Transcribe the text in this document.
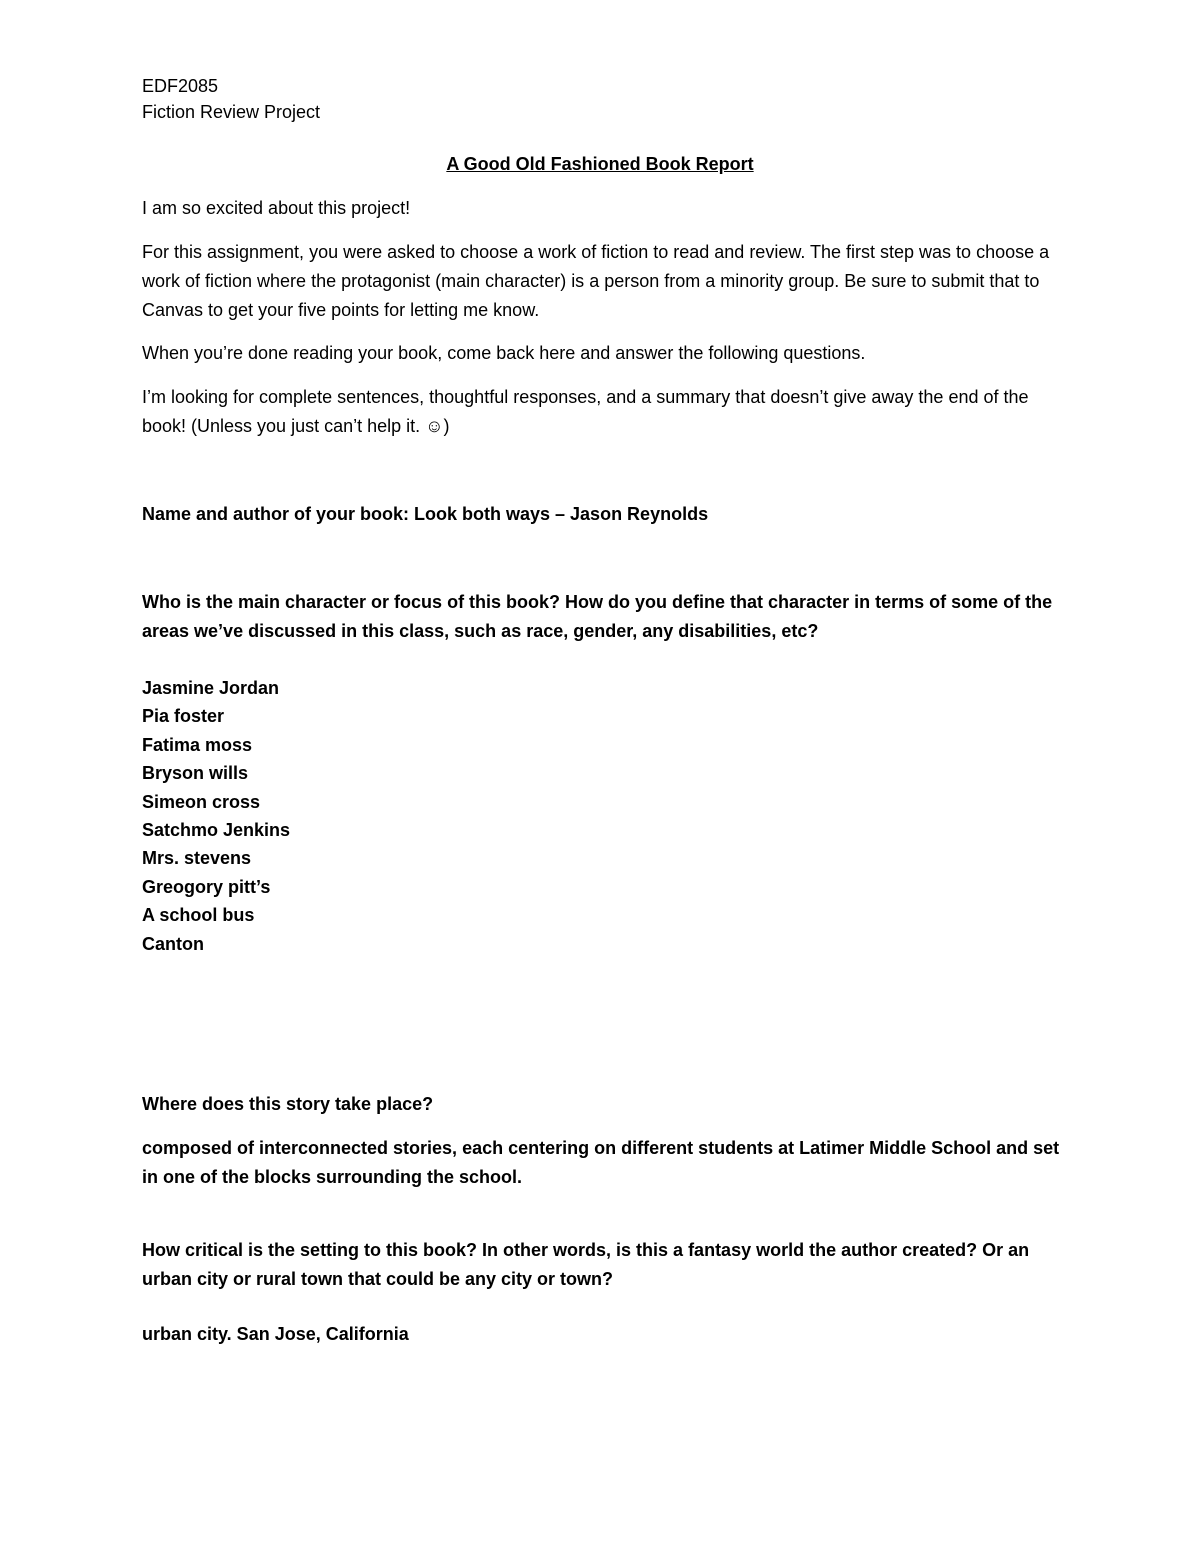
EDF2085
Fiction Review Project
A Good Old Fashioned Book Report
I am so excited about this project!
For this assignment, you were asked to choose a work of fiction to read and review. The first step was to choose a work of fiction where the protagonist (main character) is a person from a minority group. Be sure to submit that to Canvas to get your five points for letting me know.
When you’re done reading your book, come back here and answer the following questions.
I’m looking for complete sentences, thoughtful responses, and a summary that doesn’t give away the end of the book! (Unless you just can’t help it. ☺)
Name and author of your book: Look both ways – Jason Reynolds
Who is the main character or focus of this book? How do you define that character in terms of some of the areas we’ve discussed in this class, such as race, gender, any disabilities, etc?
Jasmine Jordan
Pia foster
Fatima moss
Bryson wills
Simeon cross
Satchmo Jenkins
Mrs. stevens
Greogory pitt’s
A school bus
Canton
Where does this story take place?
composed of interconnected stories, each centering on different students at Latimer Middle School and set in one of the blocks surrounding the school.
How critical is the setting to this book? In other words, is this a fantasy world the author created? Or an urban city or rural town that could be any city or town?
urban city. San Jose, California
